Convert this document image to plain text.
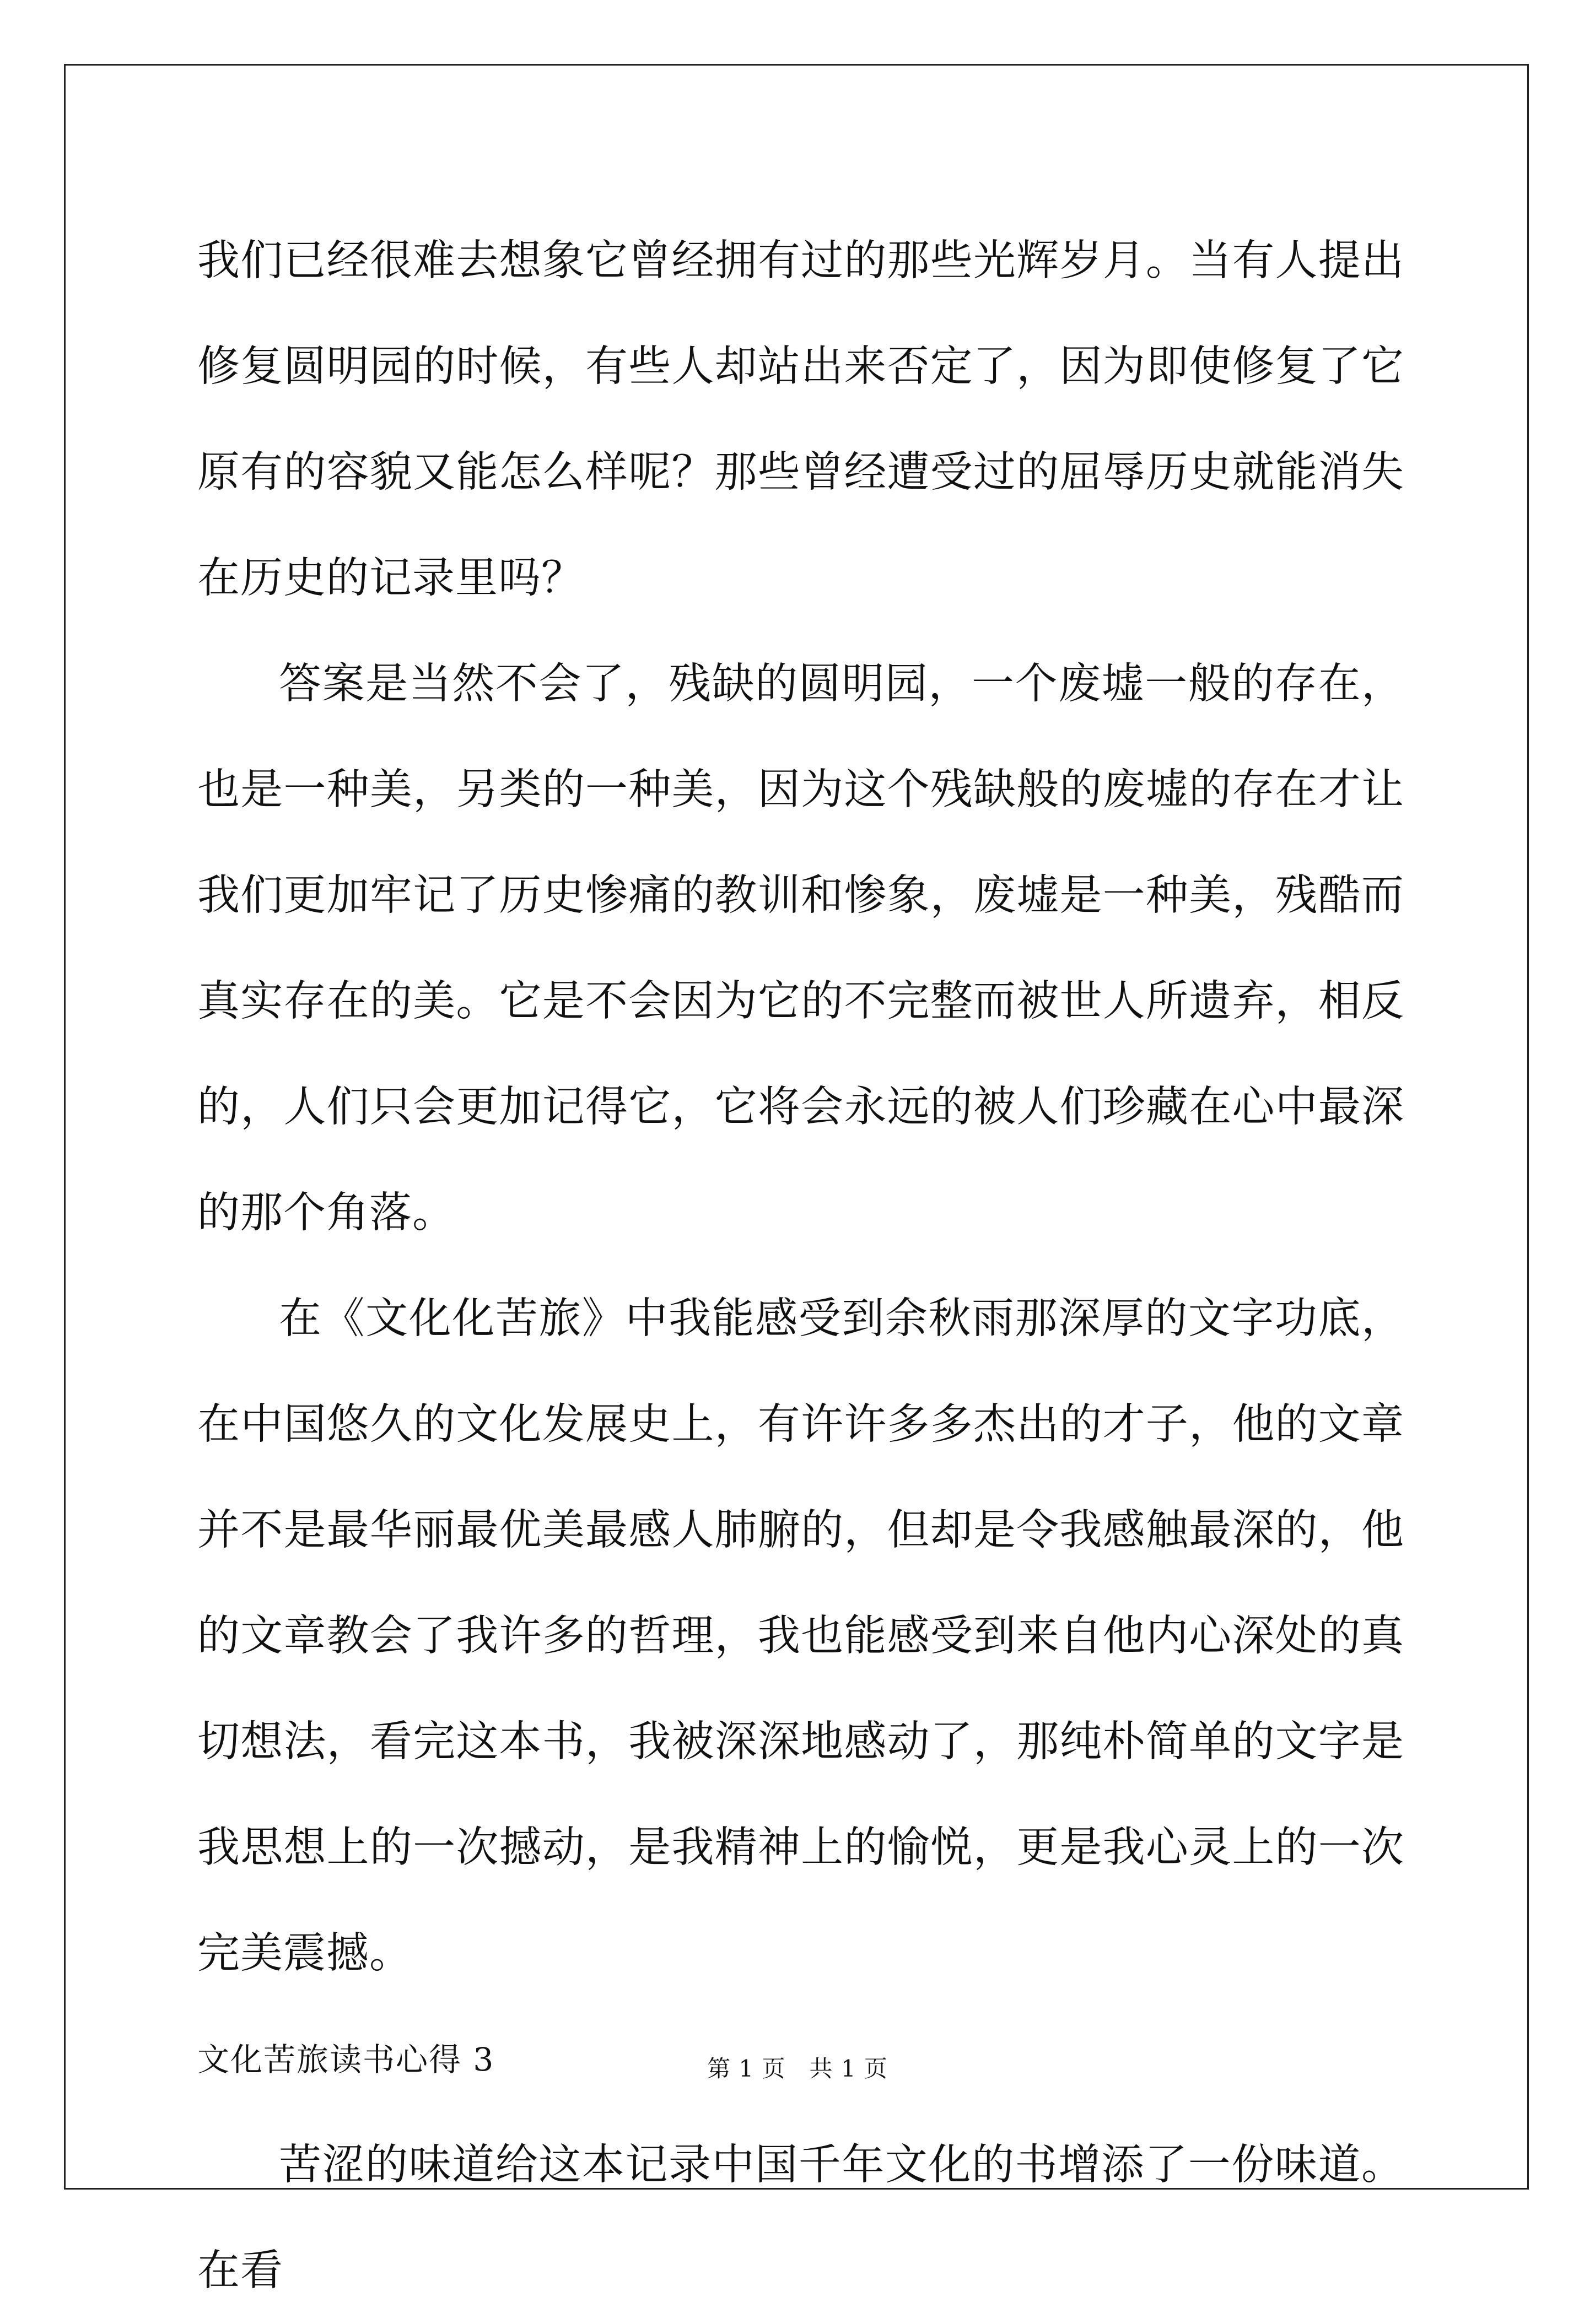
我们已经很难去想象它曾经拥有过的那些光辉岁月。当有人提出修复圆明园的时候，有些人却站出来否定了，因为即使修复了它原有的容貌又能怎么样呢？那些曾经遭受过的屈辱历史就能消失在历史的记录里吗？

答案是当然不会了，残缺的圆明园，一个废墟一般的存在，也是一种美，另类的一种美，因为这个残缺般的废墟的存在才让我们更加牢记了历史惨痛的教训和惨象，废墟是一种美，残酷而真实存在的美。它是不会因为它的不完整而被世人所遗弃，相反的，人们只会更加记得它，它将会永远的被人们珍藏在心中最深的那个角落。

在《文化化苦旅》中我能感受到余秋雨那深厚的文字功底，在中国悠久的文化发展史上，有许许多多杰出的才子，他的文章并不是最华丽最优美最感人肺腑的，但却是令我感触最深的，他的文章教会了我许多的哲理，我也能感受到来自他内心深处的真切想法，看完这本书，我被深深地感动了，那纯朴简单的文字是我思想上的一次撼动，是我精神上的愉悦，更是我心灵上的一次完美震撼。

文化苦旅读书心得 3

苦涩的味道给这本记录中国千年文化的书增添了一份味道。在看

第 1 页　共 1 页
